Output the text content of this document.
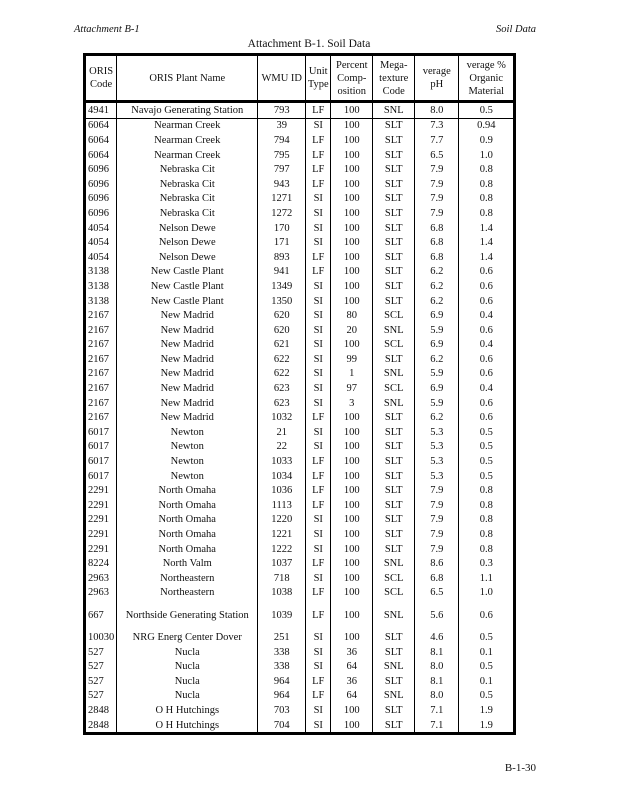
Attachment B-1	Soil Data
Attachment B-1. Soil Data
ORIS Code	ORIS Plant Name	WMU ID	Unit Type	Percent Comp- osition	Mega- texture Code	verage pH	verage % Organic Material
4941	Navajo Generating Station	793	LF	100	SNL	8.0	0.5
6064	Nearman Creek	39	SI	100	SLT	7.3	0.94
6064	Nearman Creek	794	LF	100	SLT	7.7	0.9
6064	Nearman Creek	795	LF	100	SLT	6.5	1.0
6096	Nebraska Cit	797	LF	100	SLT	7.9	0.8
6096	Nebraska Cit	943	LF	100	SLT	7.9	0.8
6096	Nebraska Cit	1271	SI	100	SLT	7.9	0.8
6096	Nebraska Cit	1272	SI	100	SLT	7.9	0.8
4054	Nelson Dewe	170	SI	100	SLT	6.8	1.4
4054	Nelson Dewe	171	SI	100	SLT	6.8	1.4
4054	Nelson Dewe	893	LF	100	SLT	6.8	1.4
3138	New Castle Plant	941	LF	100	SLT	6.2	0.6
3138	New Castle Plant	1349	SI	100	SLT	6.2	0.6
3138	New Castle Plant	1350	SI	100	SLT	6.2	0.6
2167	New Madrid	620	SI	80	SCL	6.9	0.4
2167	New Madrid	620	SI	20	SNL	5.9	0.6
2167	New Madrid	621	SI	100	SCL	6.9	0.4
2167	New Madrid	622	SI	99	SLT	6.2	0.6
2167	New Madrid	622	SI	1	SNL	5.9	0.6
2167	New Madrid	623	SI	97	SCL	6.9	0.4
2167	New Madrid	623	SI	3	SNL	5.9	0.6
2167	New Madrid	1032	LF	100	SLT	6.2	0.6
6017	Newton	21	SI	100	SLT	5.3	0.5
6017	Newton	22	SI	100	SLT	5.3	0.5
6017	Newton	1033	LF	100	SLT	5.3	0.5
6017	Newton	1034	LF	100	SLT	5.3	0.5
2291	North Omaha	1036	LF	100	SLT	7.9	0.8
2291	North Omaha	1113	LF	100	SLT	7.9	0.8
2291	North Omaha	1220	SI	100	SLT	7.9	0.8
2291	North Omaha	1221	SI	100	SLT	7.9	0.8
2291	North Omaha	1222	SI	100	SLT	7.9	0.8
8224	North Valm	1037	LF	100	SNL	8.6	0.3
2963	Northeastern	718	SI	100	SCL	6.8	1.1
2963	Northeastern	1038	LF	100	SCL	6.5	1.0
667	Northside Generating Station	1039	LF	100	SNL	5.6	0.6
10030	NRG Energ Center Dover	251	SI	100	SLT	4.6	0.5
527	Nucla	338	SI	36	SLT	8.1	0.1
527	Nucla	338	SI	64	SNL	8.0	0.5
527	Nucla	964	LF	36	SLT	8.1	0.1
527	Nucla	964	LF	64	SNL	8.0	0.5
2848	O H Hutchings	703	SI	100	SLT	7.1	1.9
2848	O H Hutchings	704	SI	100	SLT	7.1	1.9
B-1-30
